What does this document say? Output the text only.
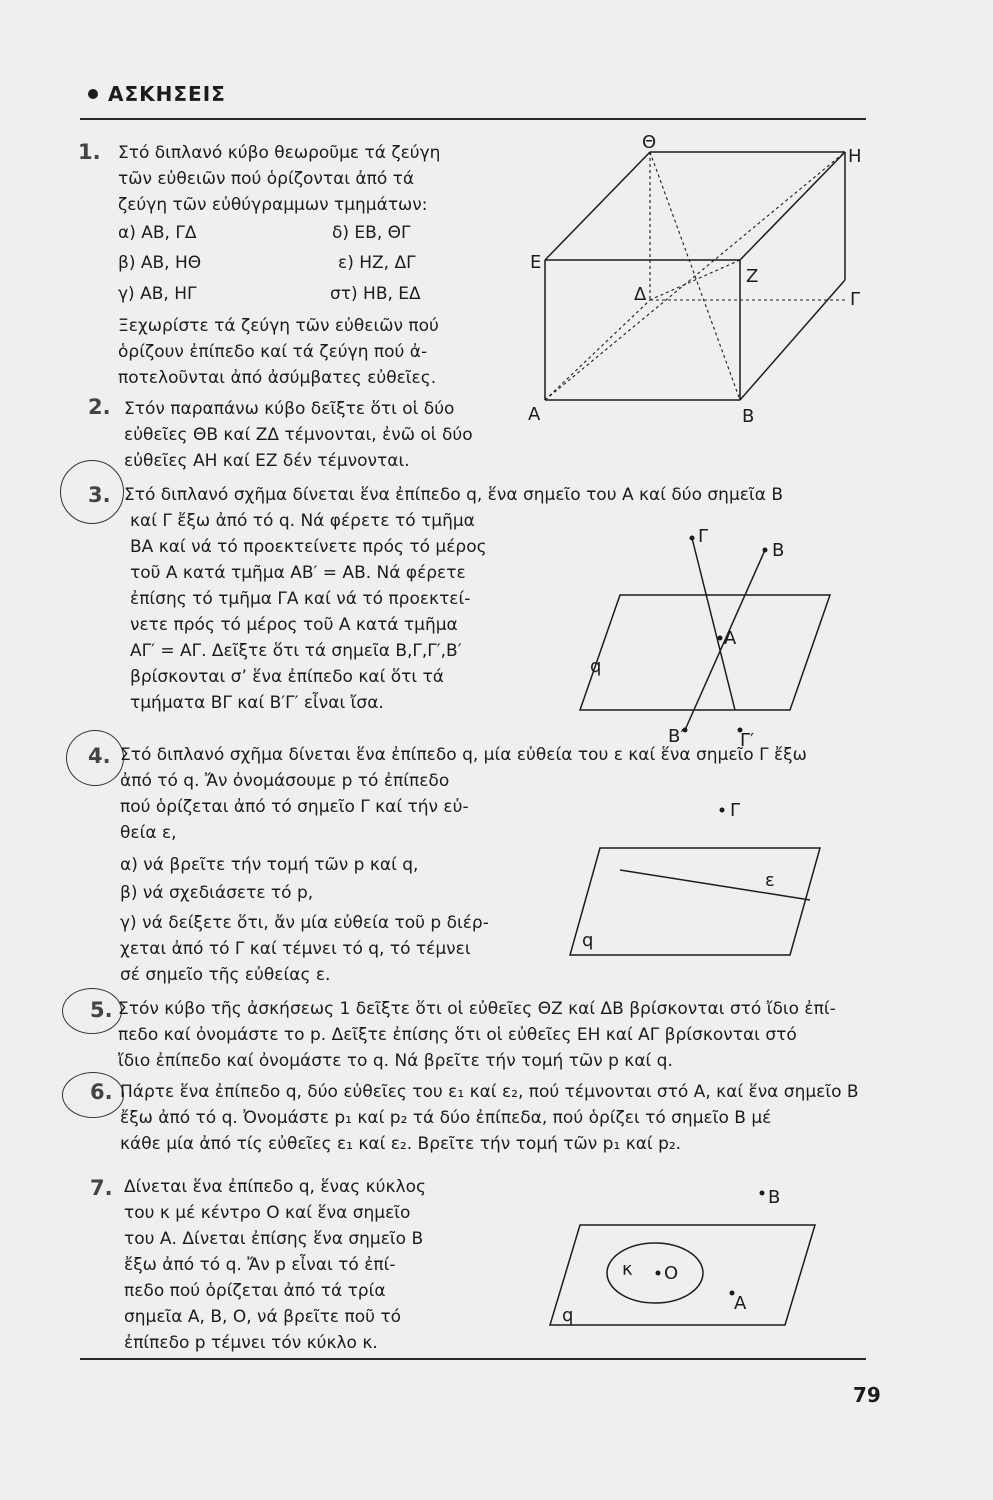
ΑΣΚΗΣΕΙΣ
1. Στό διπλανό κύβο θεωροῦμε τά ζεύγη
τῶν εὐθειῶν πού ὁρίζονται ἀπό τά
ζεύγη τῶν εὐθύγραμμων τμημάτων:
α) ΑΒ, ΓΔ	δ) ΕΒ, ΘΓ
β) ΑΒ, ΗΘ	ε) ΗΖ, ΔΓ
γ) ΑΒ, ΗΓ	στ) ΗΒ, ΕΔ
Ξεχωρίστε τά ζεύγη τῶν εὐθειῶν πού
ὁρίζουν ἐπίπεδο καί τά ζεύγη πού ἀ-
ποτελοῦνται ἀπό ἀσύμβατες εὐθεῖες.
2. Στόν παραπάνω κύβο δεῖξτε ὅτι οἱ δύο
εὐθεῖες ΘΒ καί ΖΔ τέμνονται, ἐνῶ οἱ δύο
εὐθεῖες ΑΗ καί ΕΖ δέν τέμνονται.
3. Στό διπλανό σχῆμα δίνεται ἕνα ἐπίπεδο q, ἕνα σημεῖο του Α καί δύο σημεῖα Β
καί Γ ἔξω ἀπό τό q. Νά φέρετε τό τμῆμα
ΒΑ καί νά τό προεκτείνετε πρός τό μέρος
τοῦ Α κατά τμῆμα ΑΒ′ = ΑΒ. Νά φέρετε
ἐπίσης τό τμῆμα ΓΑ καί νά τό προεκτεί-
νετε πρός τό μέρος τοῦ Α κατά τμῆμα
ΑΓ′ = ΑΓ. Δεῖξτε ὅτι τά σημεῖα Β,Γ,Γ′,Β′
βρίσκονται σ’ ἕνα ἐπίπεδο καί ὅτι τά
τμήματα ΒΓ καί Β′Γ′ εἶναι ἴσα.
4. Στό διπλανό σχῆμα δίνεται ἕνα ἐπίπεδο q, μία εὐθεία του ε καί ἕνα σημεῖο Γ ἔξω
ἀπό τό q. Ἄν ὀνομάσουμε p τό ἐπίπεδο
πού ὁρίζεται ἀπό τό σημεῖο Γ καί τήν εὐ-
θεία ε,
α) νά βρεῖτε τήν τομή τῶν p καί q,
β) νά σχεδιάσετε τό p,
γ) νά δείξετε ὅτι, ἄν μία εὐθεία τοῦ p διέρ-
χεται ἀπό τό Γ καί τέμνει τό q, τό τέμνει
σέ σημεῖο τῆς εὐθείας ε.
5. Στόν κύβο τῆς ἀσκήσεως 1 δεῖξτε ὅτι οἱ εὐθεῖες ΘΖ καί ΔΒ βρίσκονται στό ἴδιο ἐπί-
πεδο καί ὀνομάστε το p. Δεῖξτε ἐπίσης ὅτι οἱ εὐθεῖες ΕΗ καί ΑΓ βρίσκονται στό
ἴδιο ἐπίπεδο καί ὀνομάστε το q. Νά βρεῖτε τήν τομή τῶν p καί q.
6. Πάρτε ἕνα ἐπίπεδο q, δύο εὐθεῖες του ε₁ καί ε₂, πού τέμνονται στό Α, καί ἕνα σημεῖο Β
ἔξω ἀπό τό q. Ὀνομάστε p₁ καί p₂ τά δύο ἐπίπεδα, πού ὁρίζει τό σημεῖο Β μέ
κάθε μία ἀπό τίς εὐθεῖες ε₁ καί ε₂. Βρεῖτε τήν τομή τῶν p₁ καί p₂.
7. Δίνεται ἕνα ἐπίπεδο q, ἕνας κύκλος
του κ μέ κέντρο Ο καί ἕνα σημεῖο
του Α. Δίνεται ἐπίσης ἕνα σημεῖο Β
ἔξω ἀπό τό q. Ἄν p εἶναι τό ἐπί-
πεδο πού ὁρίζεται ἀπό τά τρία
σημεῖα Α, Β, Ο, νά βρεῖτε ποῦ τό
ἐπίπεδο p τέμνει τόν κύκλο κ.
79
Θ
Η
Ε
Ζ
Δ	Γ
Α	Β
Γ
Β
Α
q
Β′	Γ′
Γ
ε
q
Β
κ Ο
Α
q
